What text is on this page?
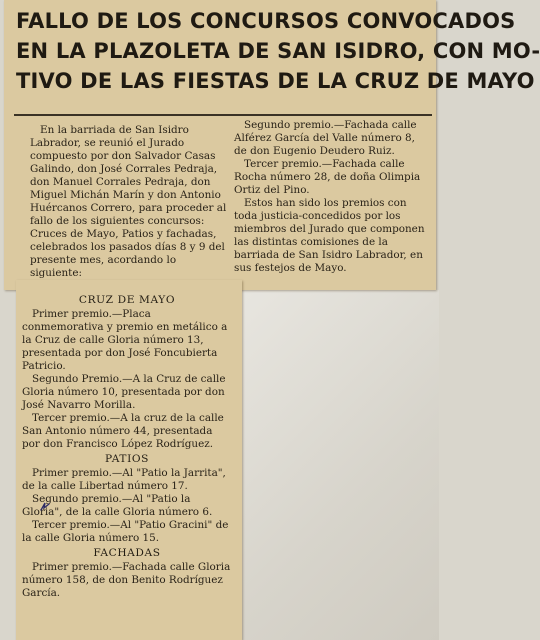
FALLO DE LOS CONCURSOS CONVOCADOS
EN LA PLAZOLETA DE SAN ISIDRO, CON MO-
TIVO DE LAS FIESTAS DE LA CRUZ DE MAYO

En la barriada de San Isidro Labrador, se reunió el Jurado compuesto por don Salvador Casas Galindo, don José Corrales Pedraja, don Manuel Corrales Pedraja, don Miguel Michán Marín y don Antonio Huércanos Correro, para proceder al fallo de los siguientes concursos: Cruces de Mayo, Patios y fachadas, celebrados los pasados días 8 y 9 del presente mes, acordando lo siguiente:

Segundo premio.—Fachada calle Alférez García del Valle número 8, de don Eugenio Deudero Ruiz.

Tercer premio.—Fachada calle Rocha número 28, de doña Olimpia Ortiz del Pino.

Estos han sido los premios con toda justicia-concedidos por los miembros del Jurado que componen las distintas comisiones de la barriada de San Isidro Labrador, en sus festejos de Mayo.

CRUZ DE MAYO

Primer premio.—Placa conmemorativa y premio en metálico a la Cruz de calle Gloria número 13, presentada por don José Foncubierta Patricio.

Segundo Premio.—A la Cruz de calle Gloria número 10, presentada por don José Navarro Morilla.

Tercer premio.—A la cruz de la calle San Antonio número 44, presentada por don Francisco López Rodríguez.

PATIOS

Primer premio.—Al "Patio la Jarrita", de la calle Libertad número 17.

Segundo premio.—Al "Patio la Gloria", de la calle Gloria número 6.

Tercer premio.—Al "Patio Gracini" de la calle Gloria número 15.

FACHADAS

Primer premio.—Fachada calle Gloria número 158, de don Benito Rodríguez García.
